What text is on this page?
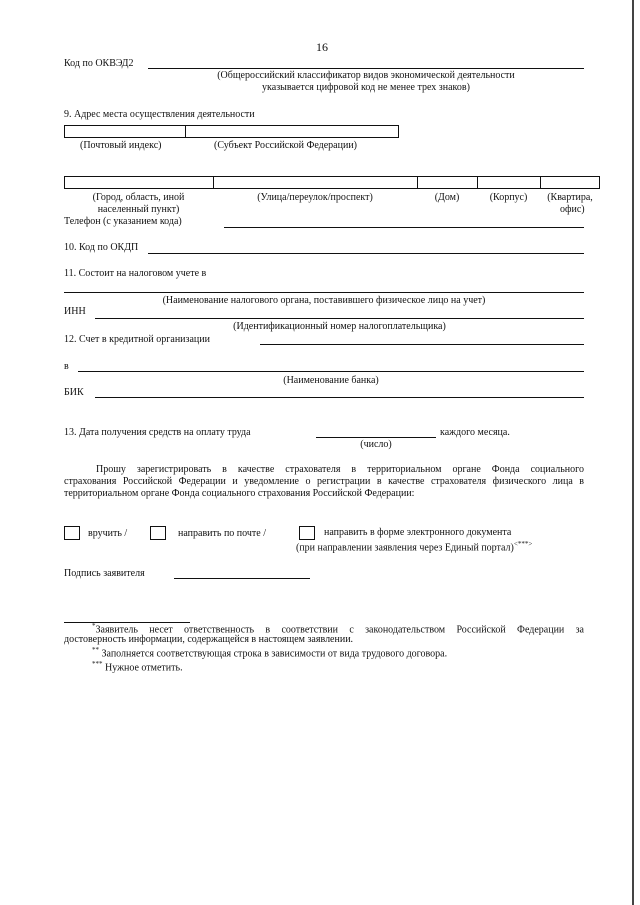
16
Код по ОКВЭД2
(Общероссийский классификатор видов экономической деятельности
указывается цифровой код не менее трех знаков)
9. Адрес места осуществления деятельности
(Почтовый индекс)	(Субъект Российской Федерации)
(Город, область, иной
населенный пункт)
(Улица/переулок/проспект)	(Дом)	(Корпус)	(Квартира,
офис)
Телефон (с указанием кода)
10. Код по ОКДП
11. Состоит на налоговом учете в
(Наименование налогового органа, поставившего физическое лицо на учет)
ИНН
(Идентификационный номер налогоплательщика)
12. Счет в кредитной организации
в
(Наименование банка)
БИК
13. Дата получения средств на оплату труда	каждого месяца.
(число)
Прошу зарегистрировать в качестве страхователя в территориальном органе Фонда социального
страхования Российской Федерации и уведомление о регистрации в качестве страхователя физического лица в
территориальном органе Фонда социального страхования Российской Федерации:
вручить /	направить по почте /	направить в форме электронного документа
(при направлении заявления через Единый портал)<***>
Подпись заявителя
*Заявитель несет ответственность в соответствии с законодательством Российской Федерации за
достоверность информации, содержащейся в настоящем заявлении.
** Заполняется соответствующая строка в зависимости от вида трудового договора.
*** Нужное отметить.
